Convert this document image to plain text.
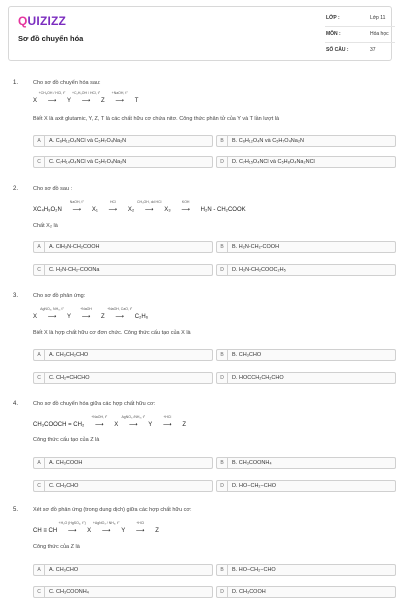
QUIZIZZ
Sơ đồ chuyển hóa
LỚP :	Lớp 11
MÔN :	Hóa học
SỐ CÂU :	37
1.	Cho sơ đồ chuyển hóa sau:
X
+CH₃OH / HCl, t°
⟶ Y
+C₂H₅OH / HCl, t°
⟶ Z
+NaOH, t°
⟶ T
Biết X là axit glutamic, Y, Z, T là các chất hữu cơ chứa nitơ. Công thức phân tử của Y và T lần lượt là
A	A. C₆H₁₂O₄NCl và C₅H₇O₄Na₂N	B	B. C₆H₁₂O₄N và C₅H₇O₄Na₂N
C	C. C₇H₁₄O₄NCl và C₅H₇O₄Na₂N	D	D. C₇H₁₅O₄NCl và C₅H₈O₄Na₂NCl
2.	Cho sơ đồ sau :
XC₄H₉O₂N
NaOH, t°
⟶ X₁
HCl
⟶ X₂
CH₃OH, dd HCl
⟶ X₃
KOH
⟶ H₂N - CH₂COOK
Chất X₂ là
A	A. ClH₃N-CH₂COOH	B	B. H₂N-CH₂-COOH
C	C. H₂N-CH₂-COONa	D	D. H₂N-CH₂COOC₂H₅
3.	Cho sơ đồ phản ứng:
X
AgNO₃, NH₃, t°
⟶ Y
+NaOH
⟶ Z
+NaOH, CaO, t°
⟶ C₂H₆
Biết X là hợp chất hữu cơ đơn chức. Công thức cấu tạo của X là
A	A. CH₃CH₂CHO	B	B. CH₃CHO
C	C. CH₂=CHCHO	D	D. HOCCH₂CH₂CHO
4.	Cho sơ đồ chuyển hóa giữa các hợp chất hữu cơ:
CH₃COOCH = CH₂
+NaOH, t°
⟶ X
AgNO₃ /NH₃, t°
⟶ Y
+HCl
⟶ Z
Công thức cấu tạo của Z là
A	A. CH₃COOH	B	B. CH₃COONH₄
C	C. CH₃CHO	D	D. HO−CH₂−CHO
5.	Xét sơ đồ phản ứng (trong dung dịch) giữa các hợp chất hữu cơ:
CH ≡ CH
+H₂O (HgSO₄, t°)
⟶ X
+AgNO₃ / NH₃, t°
⟶ Y
+HCl
⟶ Z
Công thức của Z là
A	A. CH₃CHO	B	B. HO−CH₂−CHO
C	C. CH₃COONH₄	D	D. CH₃COOH
